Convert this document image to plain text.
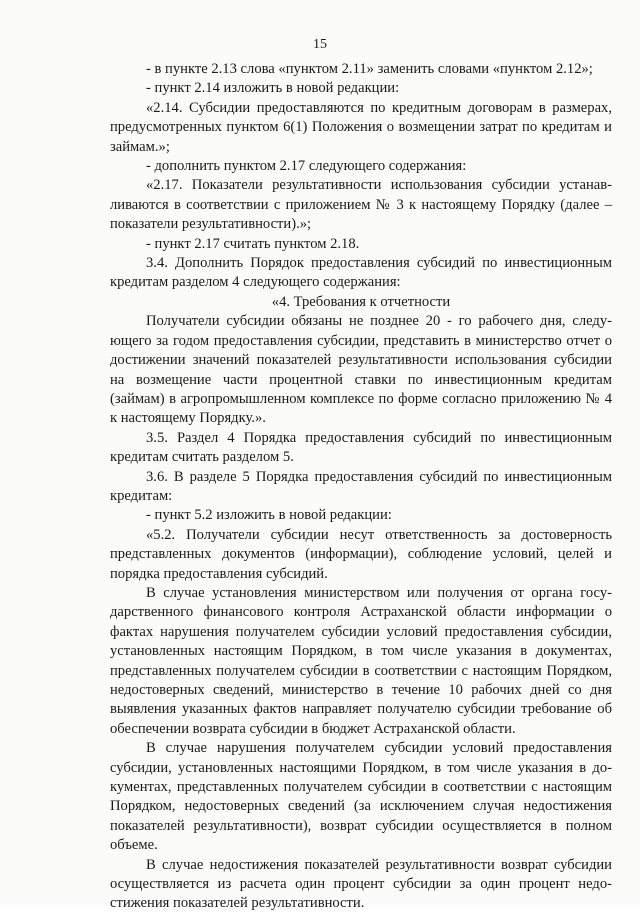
15

- в пункте 2.13 слова «пунктом 2.11» заменить словами «пунктом 2.12»;

- пункт 2.14 изложить в новой редакции:

«2.14. Субсидии предоставляются по кредитным договорам в размерах, предусмотренных пунктом 6(1) Положения о возмещении затрат по кредитам и займам.»;

- дополнить пунктом 2.17 следующего содержания:

«2.17. Показатели результативности использования субсидии устанавливаются в соответствии с приложением № 3 к настоящему Порядку (далее – показатели результативности).»;

- пункт 2.17 считать пунктом 2.18.

3.4. Дополнить Порядок предоставления субсидий по инвестиционным кредитам разделом 4 следующего содержания:

«4. Требования к отчетности

Получатели субсидии обязаны не позднее 20 - го рабочего дня, следующего за годом предоставления субсидии, представить в министерство отчет о достижении значений показателей результативности использования субсидии на возмещение части процентной ставки по инвестиционным кредитам (займам) в агропромышленном комплексе по форме согласно приложению № 4 к настоящему Порядку.».

3.5. Раздел 4 Порядка предоставления субсидий по инвестиционным кредитам считать разделом 5.

3.6. В разделе 5 Порядка предоставления субсидий по инвестиционным кредитам:

- пункт 5.2 изложить в новой редакции:

«5.2. Получатели субсидии несут ответственность за достоверность представленных документов (информации), соблюдение условий, целей и порядка предоставления субсидий.

В случае установления министерством или получения от органа государственного финансового контроля Астраханской области информации о фактах нарушения получателем субсидии условий предоставления субсидии, установленных настоящим Порядком, в том числе указания в документах, представленных получателем субсидии в соответствии с настоящим Порядком, недостоверных сведений, министерство в течение 10 рабочих дней со дня выявления указанных фактов направляет получателю субсидии требование об обеспечении возврата субсидии в бюджет Астраханской области.

В случае нарушения получателем субсидии условий предоставления субсидии, установленных настоящими Порядком, в том числе указания в документах, представленных получателем субсидии в соответствии с настоящим Порядком, недостоверных сведений (за исключением случая недостижения показателей результативности), возврат субсидии осуществляется в полном объеме.

В случае недостижения показателей результативности возврат субсидии осуществляется из расчета один процент субсидии за один процент недостижения показателей результативности.
